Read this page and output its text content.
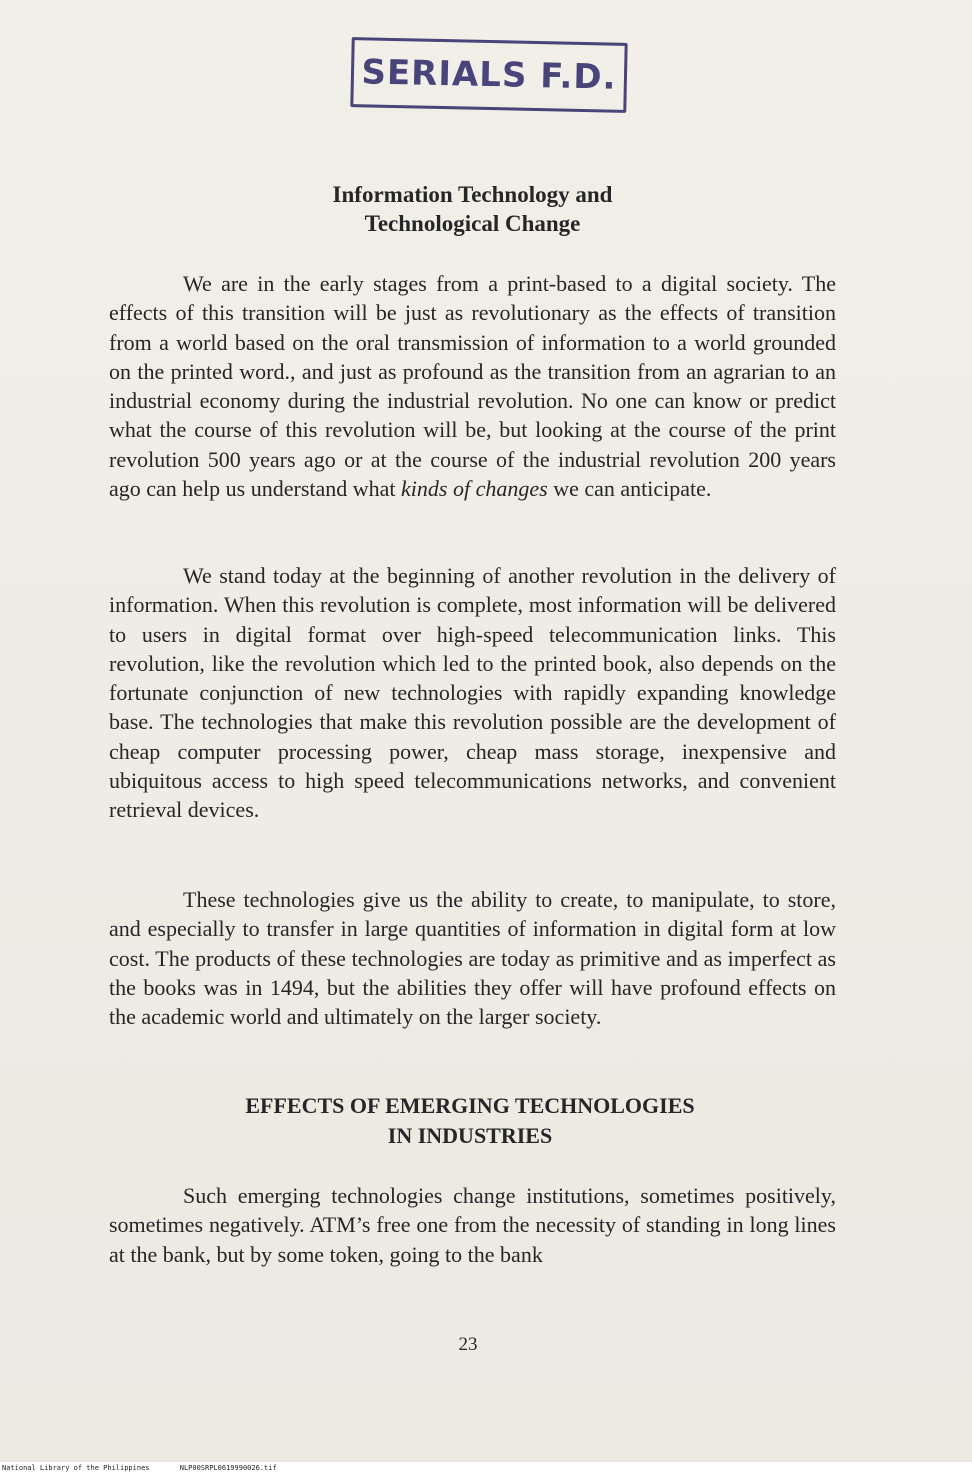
SERIALS F.D.
Information Technology and
Technological Change

We are in the early stages from a print-based to a digital society. The effects of this transition will be just as revolutionary as the effects of transition from a world based on the oral transmission of information to a world grounded on the printed word., and just as profound as the transition from an agrarian to an industrial economy during the industrial revolution. No one can know or predict what the course of this revolution will be, but looking at the course of the print revolution 500 years ago or at the course of the industrial revolution 200 years ago can help us understand what kinds of changes we can anticipate.

We stand today at the beginning of another revolution in the delivery of information. When this revolution is complete, most information will be delivered to users in digital format over high-speed telecommunication links. This revolution, like the revolution which led to the printed book, also depends on the fortunate conjunction of new technologies with rapidly expanding knowledge base. The technologies that make this revolution possible are the development of cheap computer processing power, cheap mass storage, inexpensive and ubiquitous access to high speed telecommunications networks, and convenient retrieval devices.

These technologies give us the ability to create, to manipulate, to store, and especially to transfer in large quantities of information in digital form at low cost. The products of these technologies are today as primitive and as imperfect as the books was in 1494, but the abilities they offer will have profound effects on the academic world and ultimately on the larger society.

EFFECTS OF EMERGING TECHNOLOGIES
IN INDUSTRIES

Such emerging technologies change institutions, sometimes positively, sometimes negatively. ATM’s free one from the necessity of standing in long lines at the bank, but by some token, going to the bank

23
National Library of the Philippines	NLP00SRPL0619990026.tif
